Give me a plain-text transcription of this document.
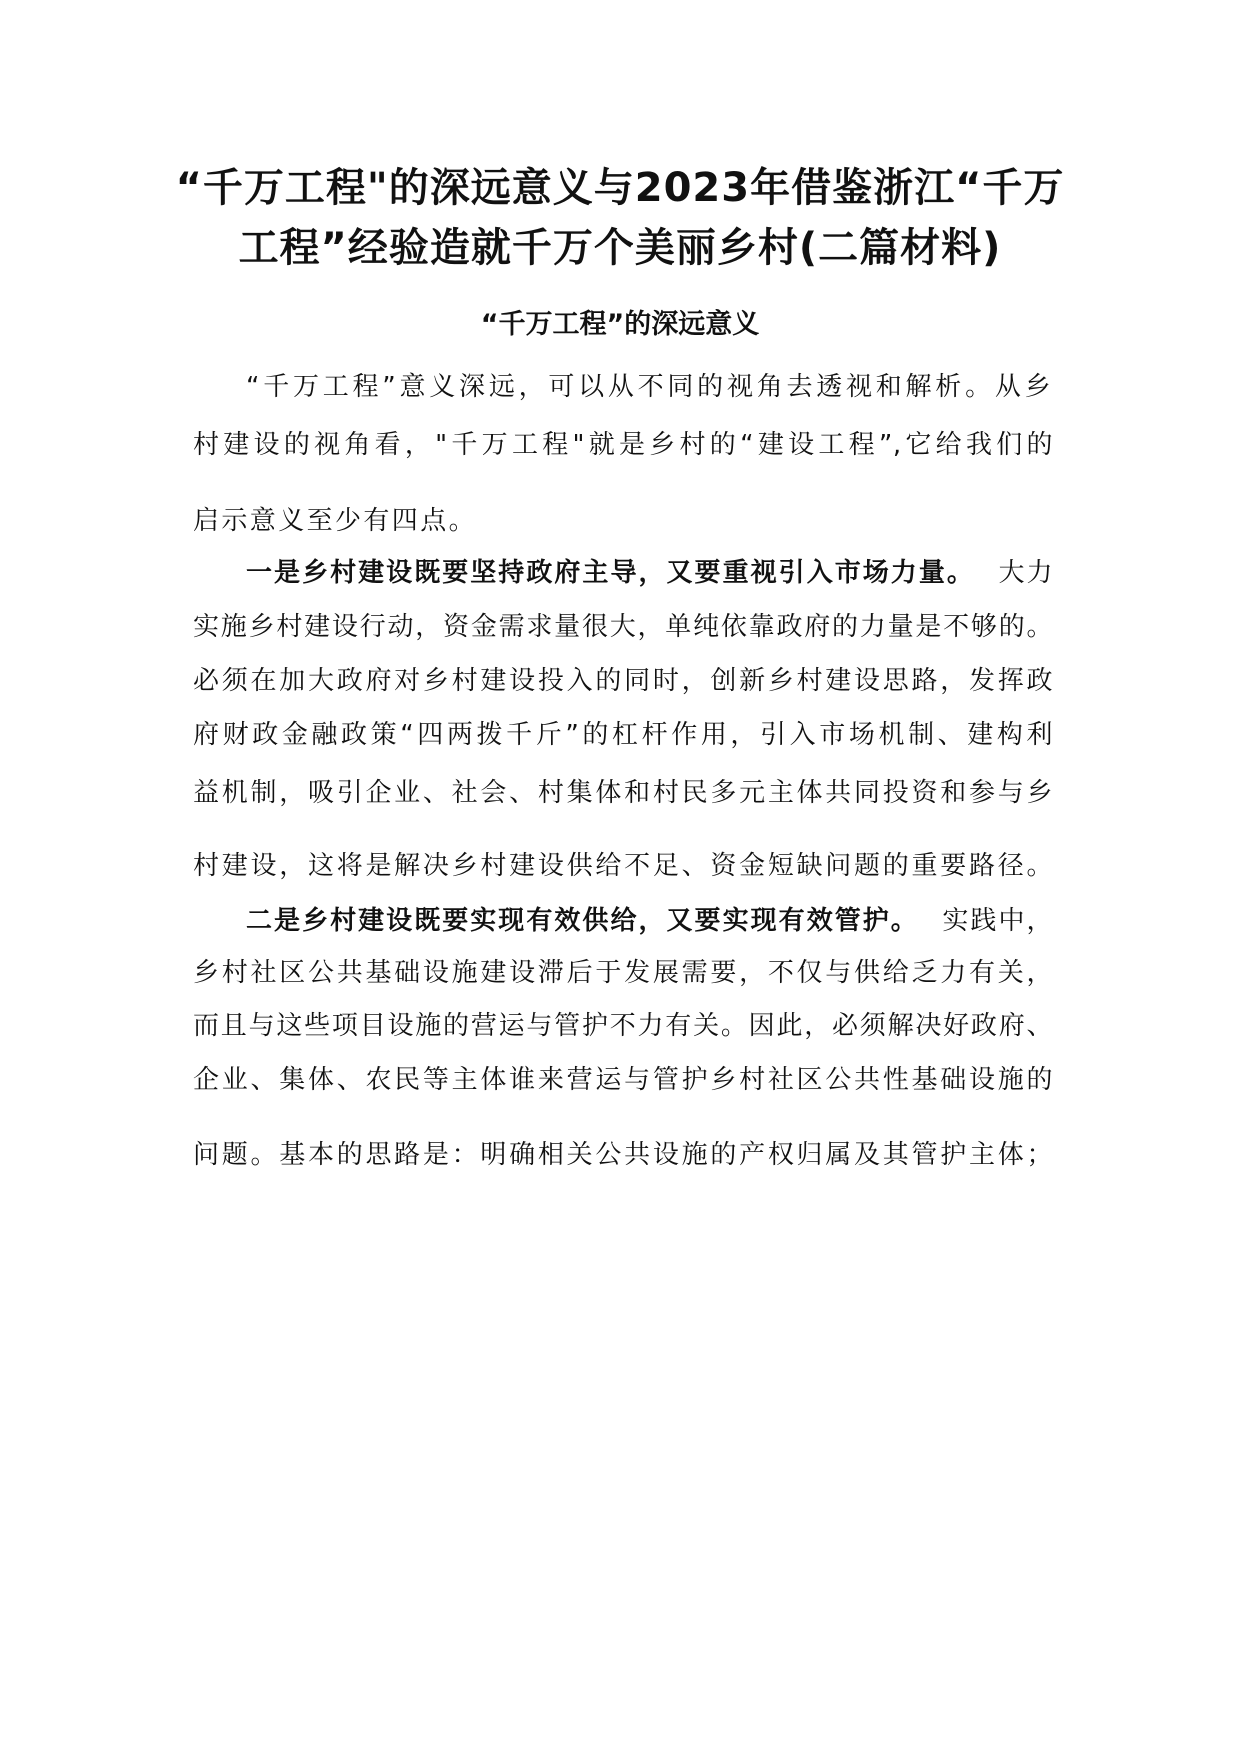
“千万工程"的深远意义与2023年借鉴浙江“千万
工程”经验造就千万个美丽乡村(二篇材料)
“千万工程”的深远意义
“千万工程”意义深远，可以从不同的视角去透视和解析。从乡
村建设的视角看，"千万工程"就是乡村的“建设工程”,它给我们的
启示意义至少有四点。
一是乡村建设既要坚持政府主导，又要重视引入市场力量。 大力
实施乡村建设行动，资金需求量很大，单纯依靠政府的力量是不够的。
必须在加大政府对乡村建设投入的同时，创新乡村建设思路，发挥政
府财政金融政策“四两拨千斤”的杠杆作用，引入市场机制、建构利
益机制，吸引企业、社会、村集体和村民多元主体共同投资和参与乡
村建设，这将是解决乡村建设供给不足、资金短缺问题的重要路径。
二是乡村建设既要实现有效供给，又要实现有效管护。 实践中，
乡村社区公共基础设施建设滞后于发展需要，不仅与供给乏力有关，
而且与这些项目设施的营运与管护不力有关。因此，必须解决好政府、
企业、集体、农民等主体谁来营运与管护乡村社区公共性基础设施的
问题。基本的思路是：明确相关公共设施的产权归属及其管护主体；
